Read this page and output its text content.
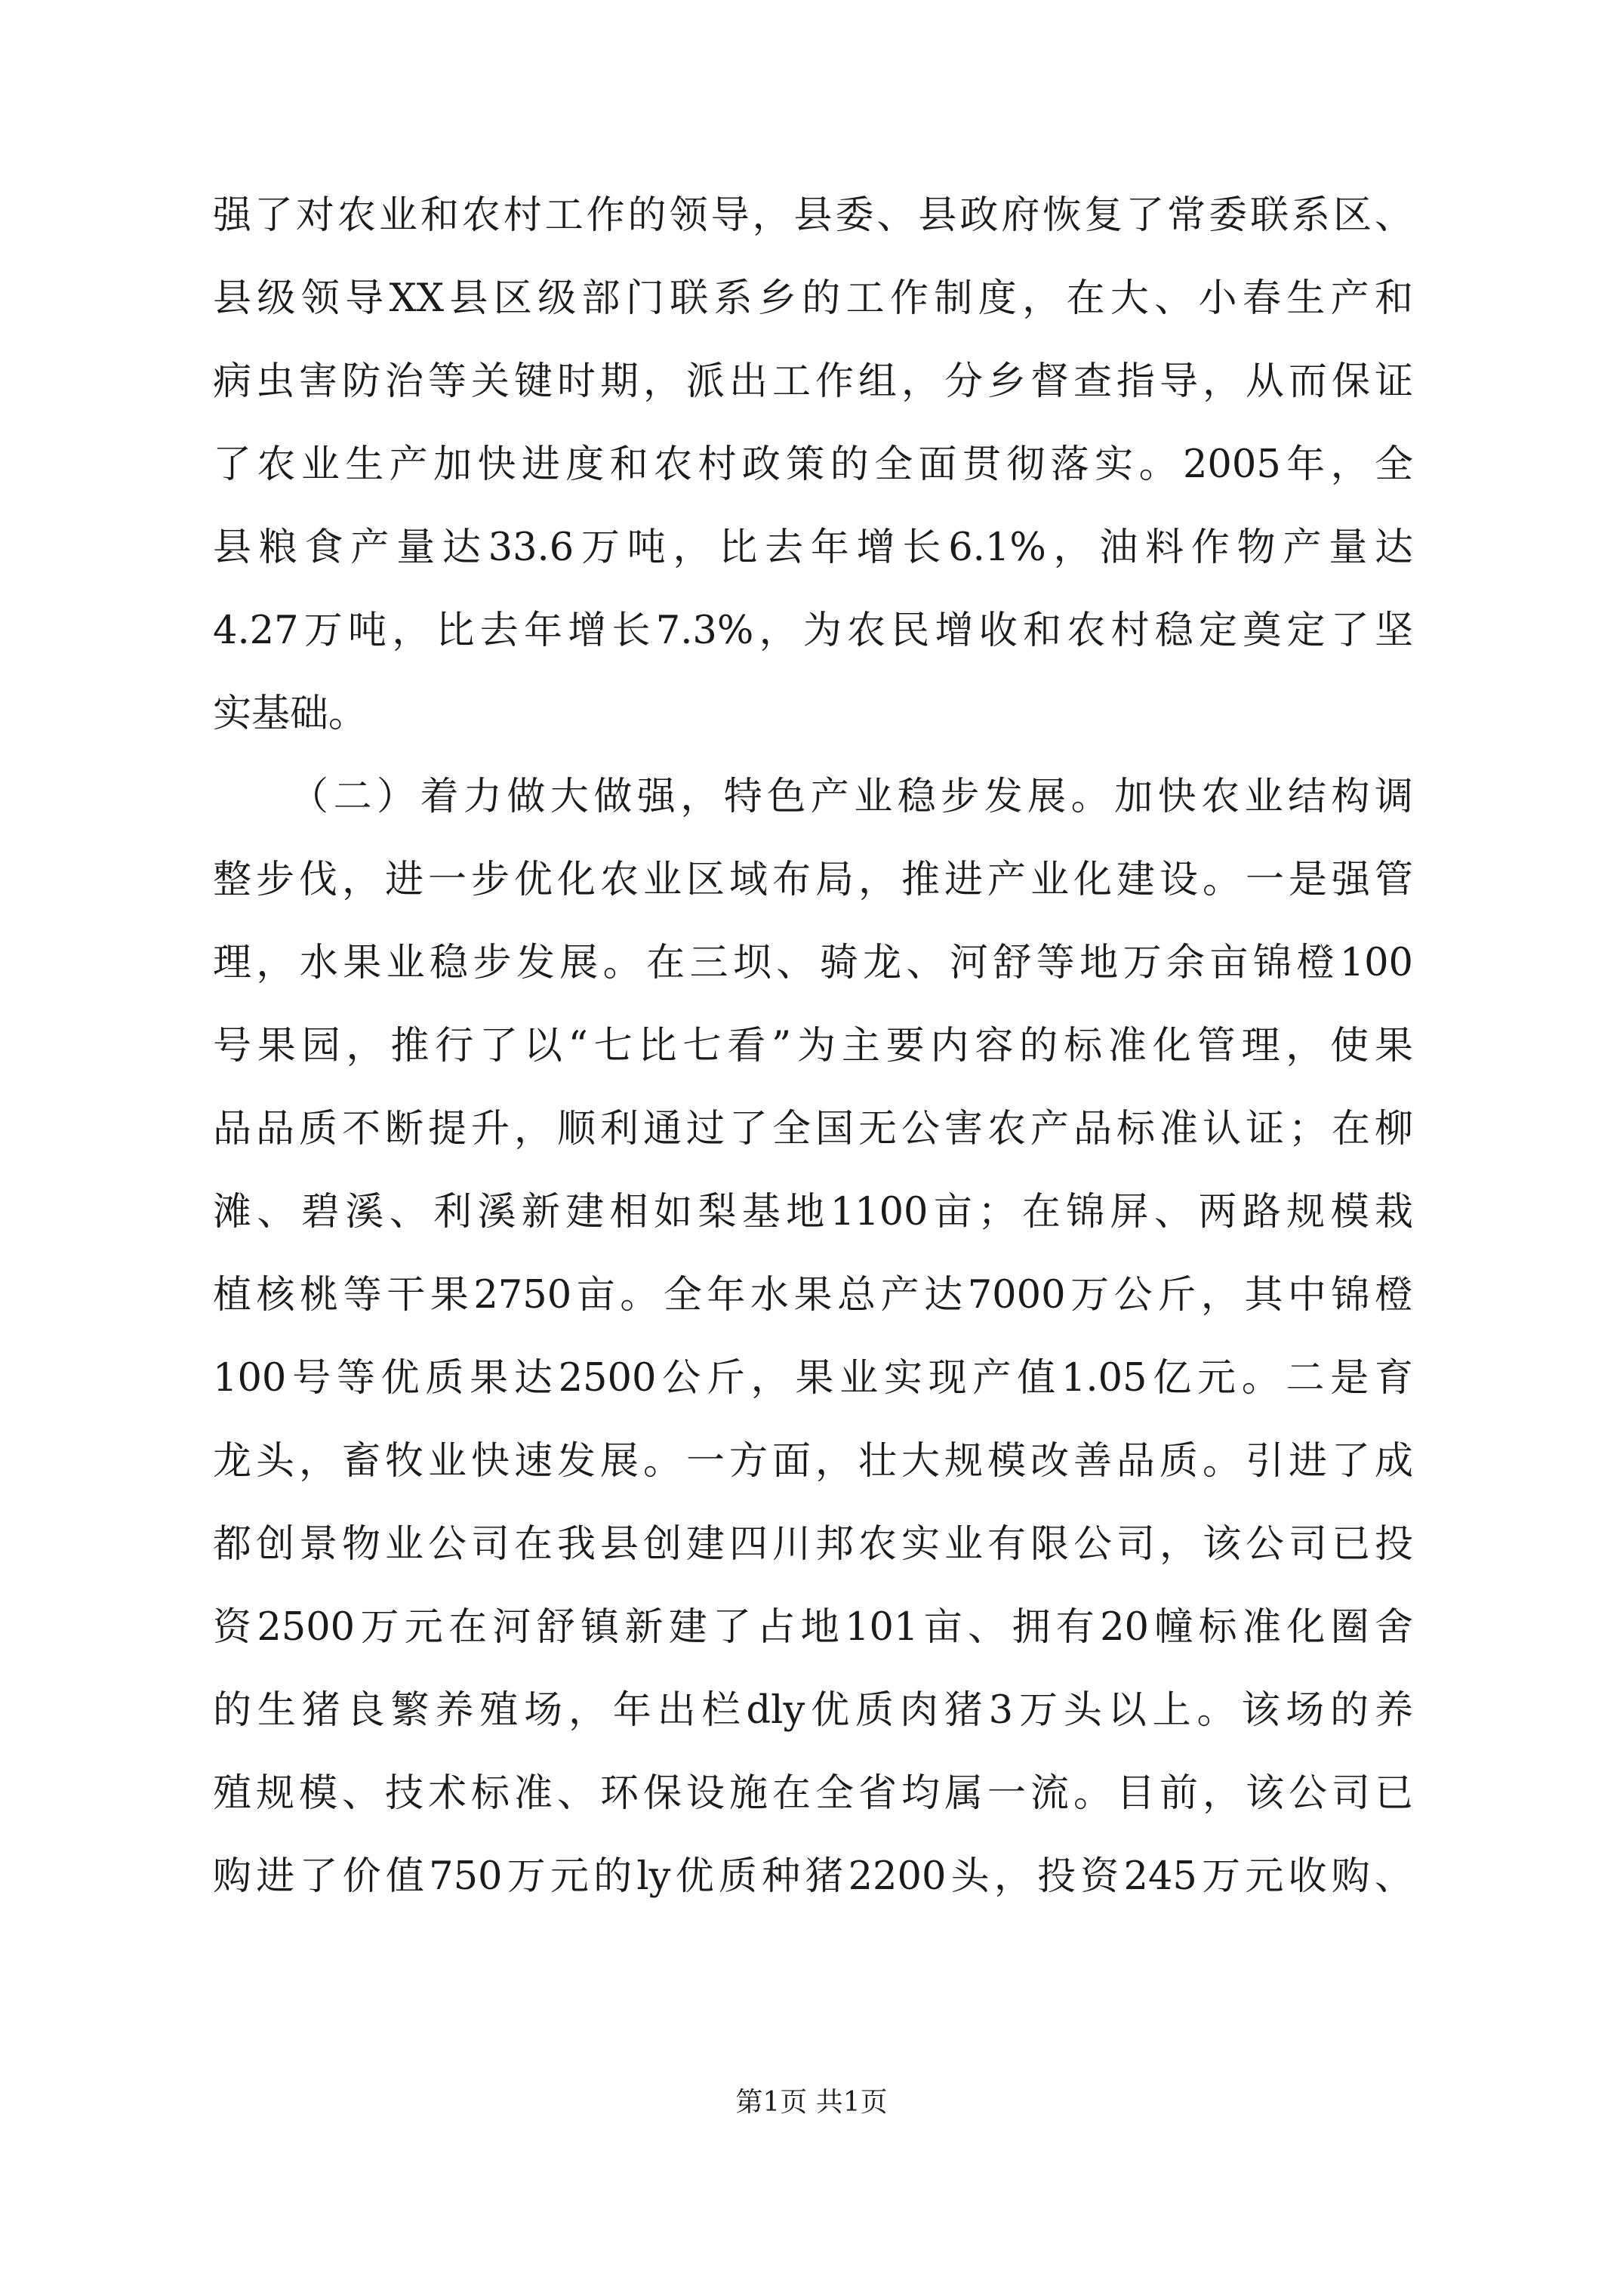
强了对农业和农村工作的领导，县委、县政府恢复了常委联系区、
县级领导XX县区级部门联系乡的工作制度，在大、小春生产和
病虫害防治等关键时期，派出工作组，分乡督查指导，从而保证
了农业生产加快进度和农村政策的全面贯彻落实。2005年，全
县粮食产量达33.6万吨，比去年增长6.1%，油料作物产量达
4.27万吨，比去年增长7.3%，为农民增收和农村稳定奠定了坚
实基础。
（二）着力做大做强，特色产业稳步发展。加快农业结构调
整步伐，进一步优化农业区域布局，推进产业化建设。一是强管
理，水果业稳步发展。在三坝、骑龙、河舒等地万余亩锦橙100
号果园，推行了以“七比七看”为主要内容的标准化管理，使果
品品质不断提升，顺利通过了全国无公害农产品标准认证；在柳
滩、碧溪、利溪新建相如梨基地1100亩；在锦屏、两路规模栽
植核桃等干果2750亩。全年水果总产达7000万公斤，其中锦橙
100号等优质果达2500公斤，果业实现产值1.05亿元。二是育
龙头，畜牧业快速发展。一方面，壮大规模改善品质。引进了成
都创景物业公司在我县创建四川邦农实业有限公司，该公司已投
资2500万元在河舒镇新建了占地101亩、拥有20幢标准化圈舍
的生猪良繁养殖场，年出栏dly优质肉猪3万头以上。该场的养
殖规模、技术标准、环保设施在全省均属一流。目前，该公司已
购进了价值750万元的ly优质种猪2200头，投资245万元收购、
第1页 共1页
